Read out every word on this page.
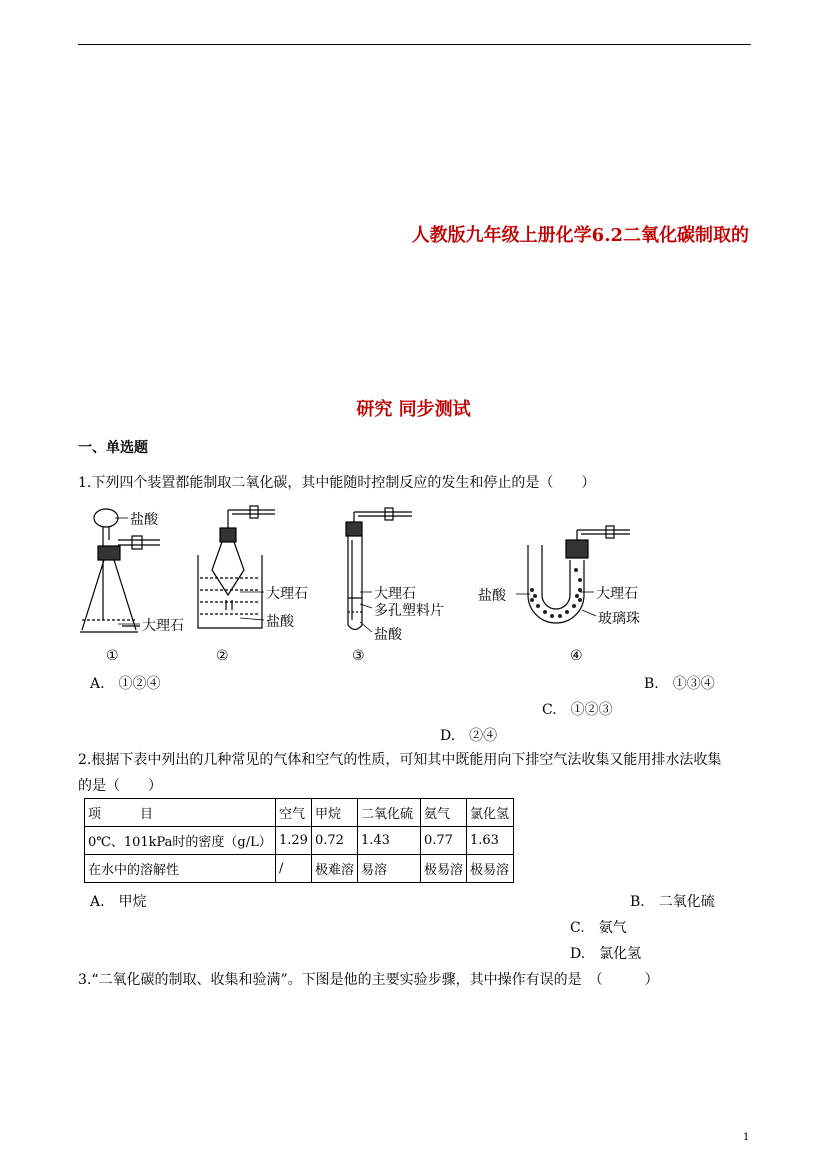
人教版九年级上册化学6.2二氧化碳制取的
研究 同步测试
一、单选题
1.下列四个装置都能制取二氧化碳，其中能随时控制反应的发生和停止的是（　　）
盐酸
大理石
大理石
盐酸
大理石
多孔塑料片
盐酸
盐酸	大理石
玻璃珠
①	②	③	④
A.　①②④	B.　①③④
C.　①②③
D.　②④
2.根据下表中列出的几种常见的气体和空气的性质，可知其中既能用向下排空气法收集又能用排水法收集
的是（　　）
项　　　目	空气	甲烷	二氧化硫	氨气	氯化氢
0℃、101kPa时的密度（g/L）	1.29	0.72	1.43	0.77	1.63
在水中的溶解性	/	极难溶	易溶	极易溶	极易溶
A.　甲烷	B.　二氧化硫
C.　氨气
D.　氯化氢
3.“二氧化碳的制取、收集和验满”。下图是他的主要实验步骤，其中操作有误的是　（　　　）
1
